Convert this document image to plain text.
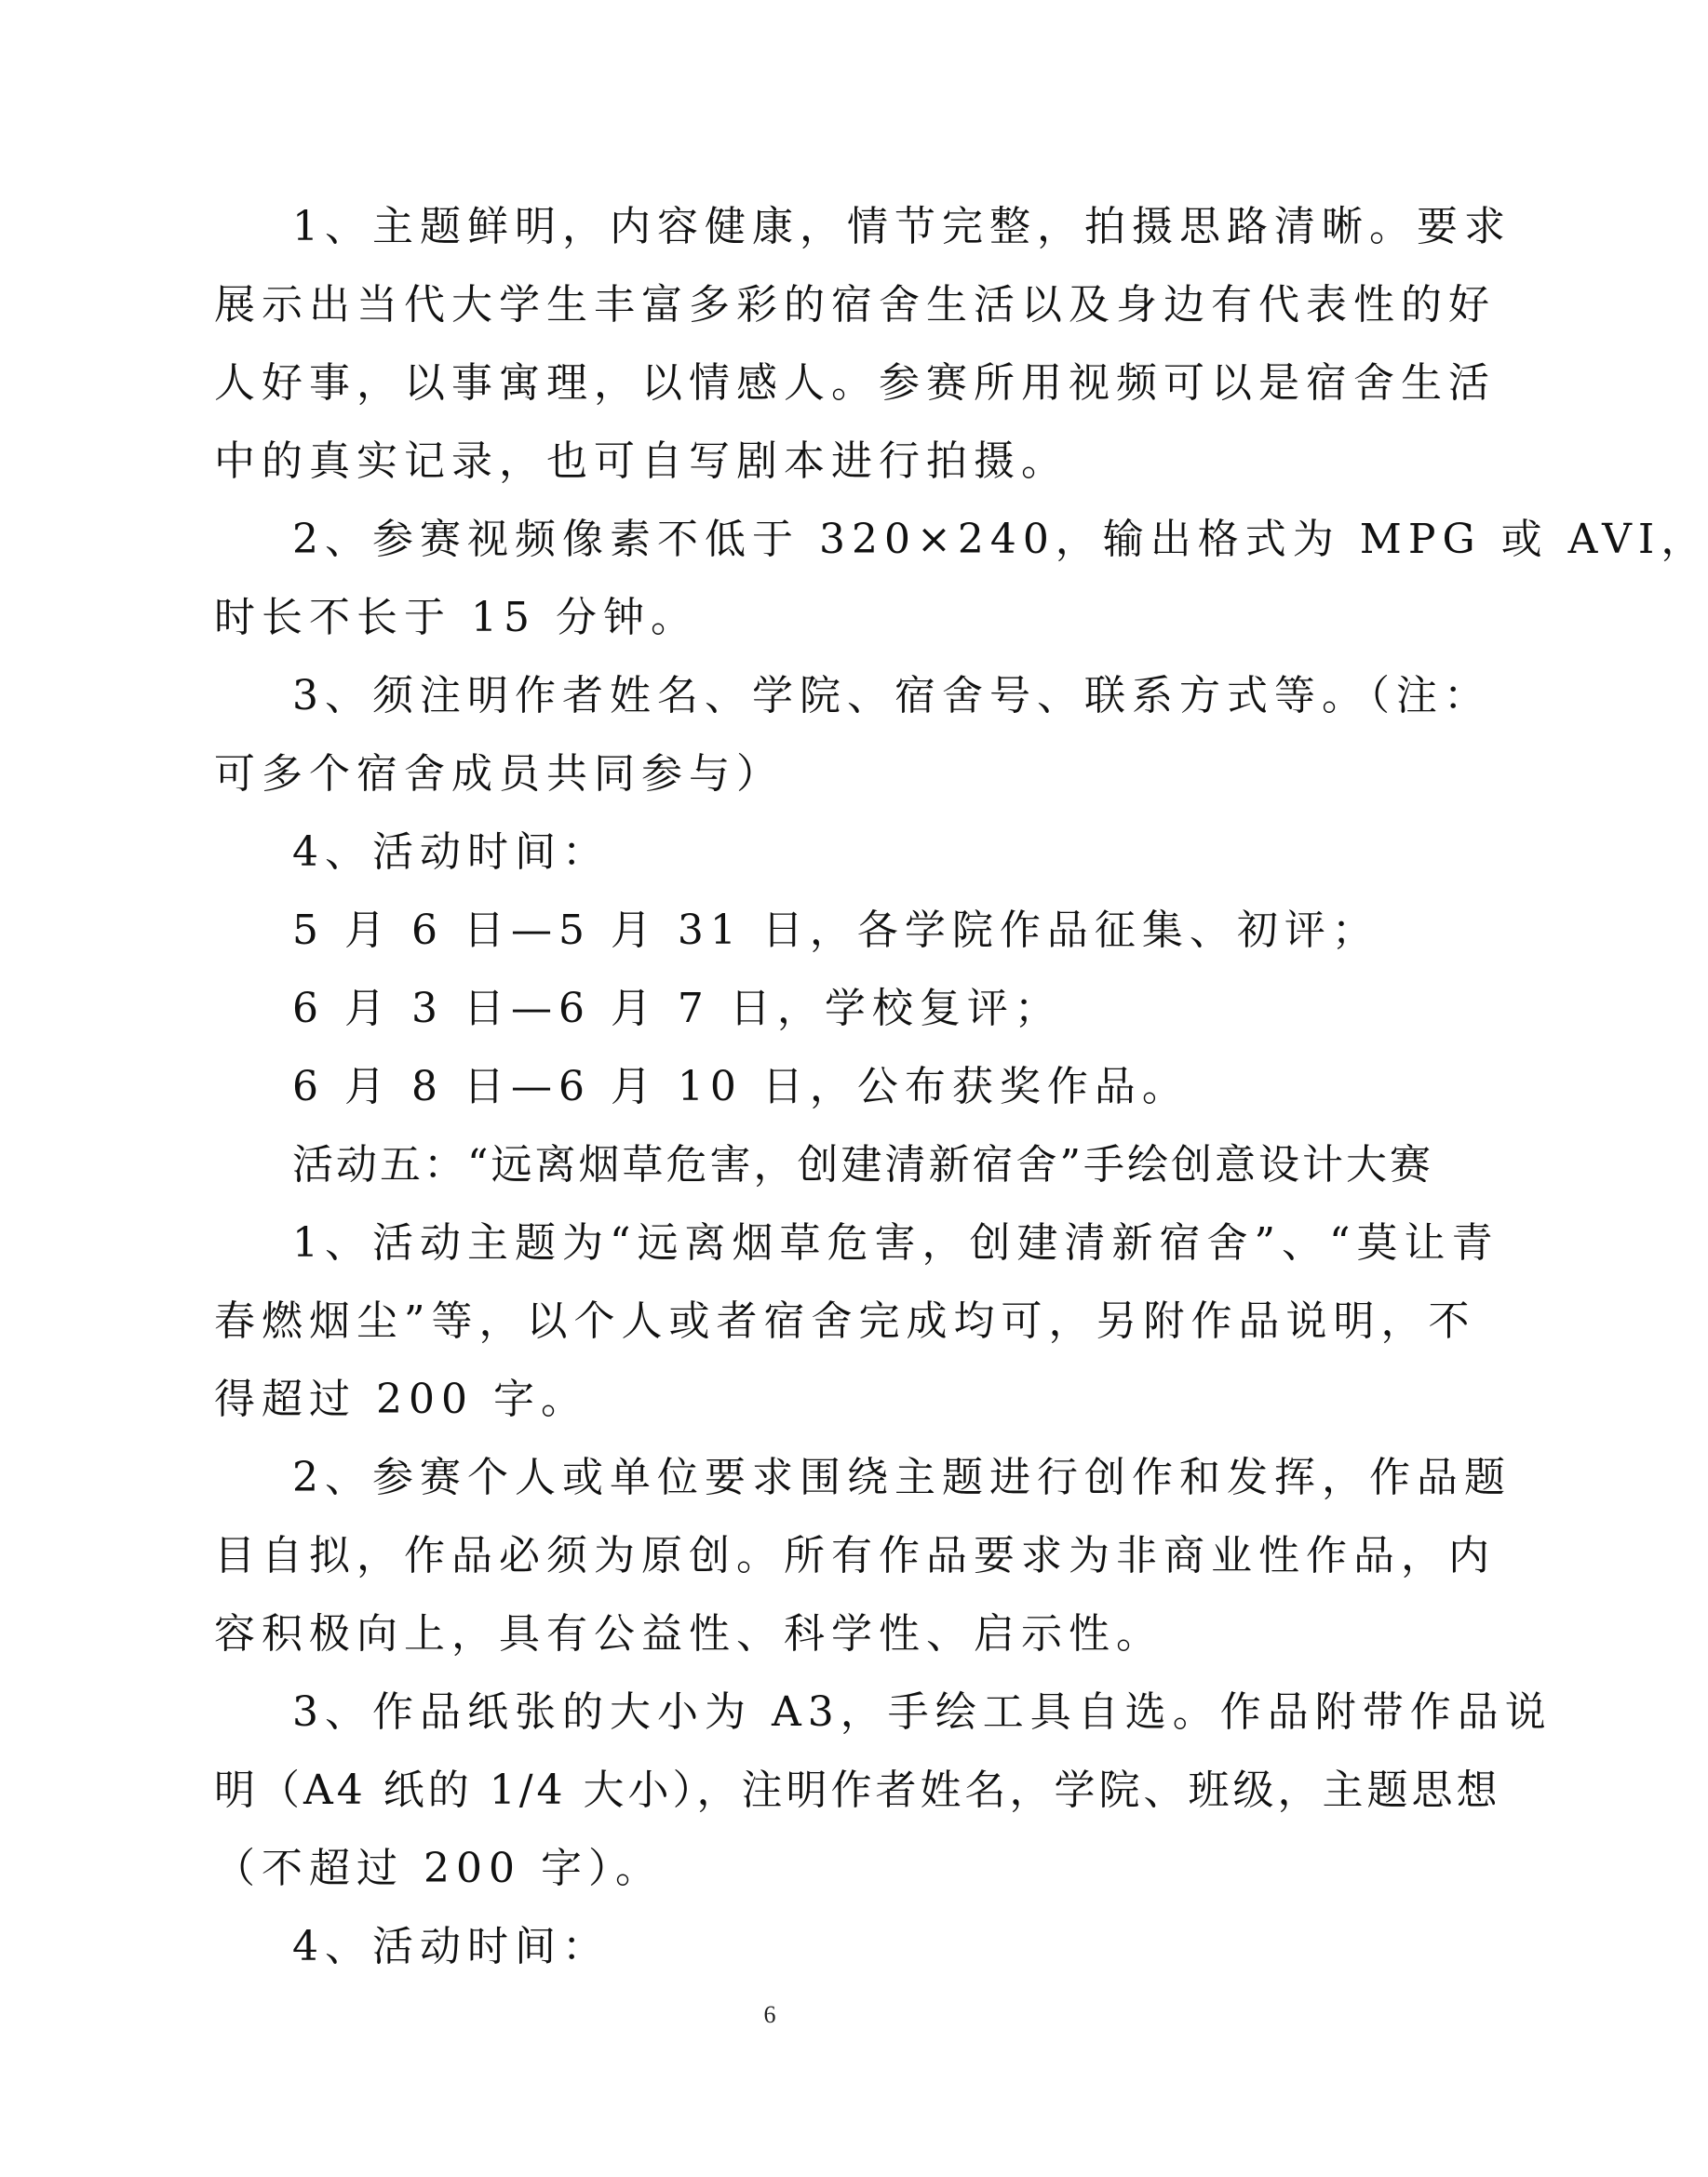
1、主题鲜明，内容健康，情节完整，拍摄思路清晰。要求
展示出当代大学生丰富多彩的宿舍生活以及身边有代表性的好
人好事，以事寓理，以情感人。参赛所用视频可以是宿舍生活
中的真实记录，也可自写剧本进行拍摄。
2、参赛视频像素不低于 320×240，输出格式为 MPG 或 AVI，
时长不长于 15 分钟。
3、须注明作者姓名、学院、宿舍号、联系方式等。（注：
可多个宿舍成员共同参与）
4、活动时间：
5 月 6 日—5 月 31 日，各学院作品征集、初评；
6 月 3 日—6 月 7 日，学校复评；
6 月 8 日—6 月 10 日，公布获奖作品。
活动五：“远离烟草危害，创建清新宿舍”手绘创意设计大赛
1、活动主题为“远离烟草危害，创建清新宿舍”、“莫让青
春燃烟尘”等，以个人或者宿舍完成均可，另附作品说明，不
得超过 200 字。
2、参赛个人或单位要求围绕主题进行创作和发挥，作品题
目自拟，作品必须为原创。所有作品要求为非商业性作品，内
容积极向上，具有公益性、科学性、启示性。
3、作品纸张的大小为 A3，手绘工具自选。作品附带作品说
明（A4 纸的 1/4 大小），注明作者姓名，学院、班级，主题思想
（不超过 200 字）。
4、活动时间：
6
